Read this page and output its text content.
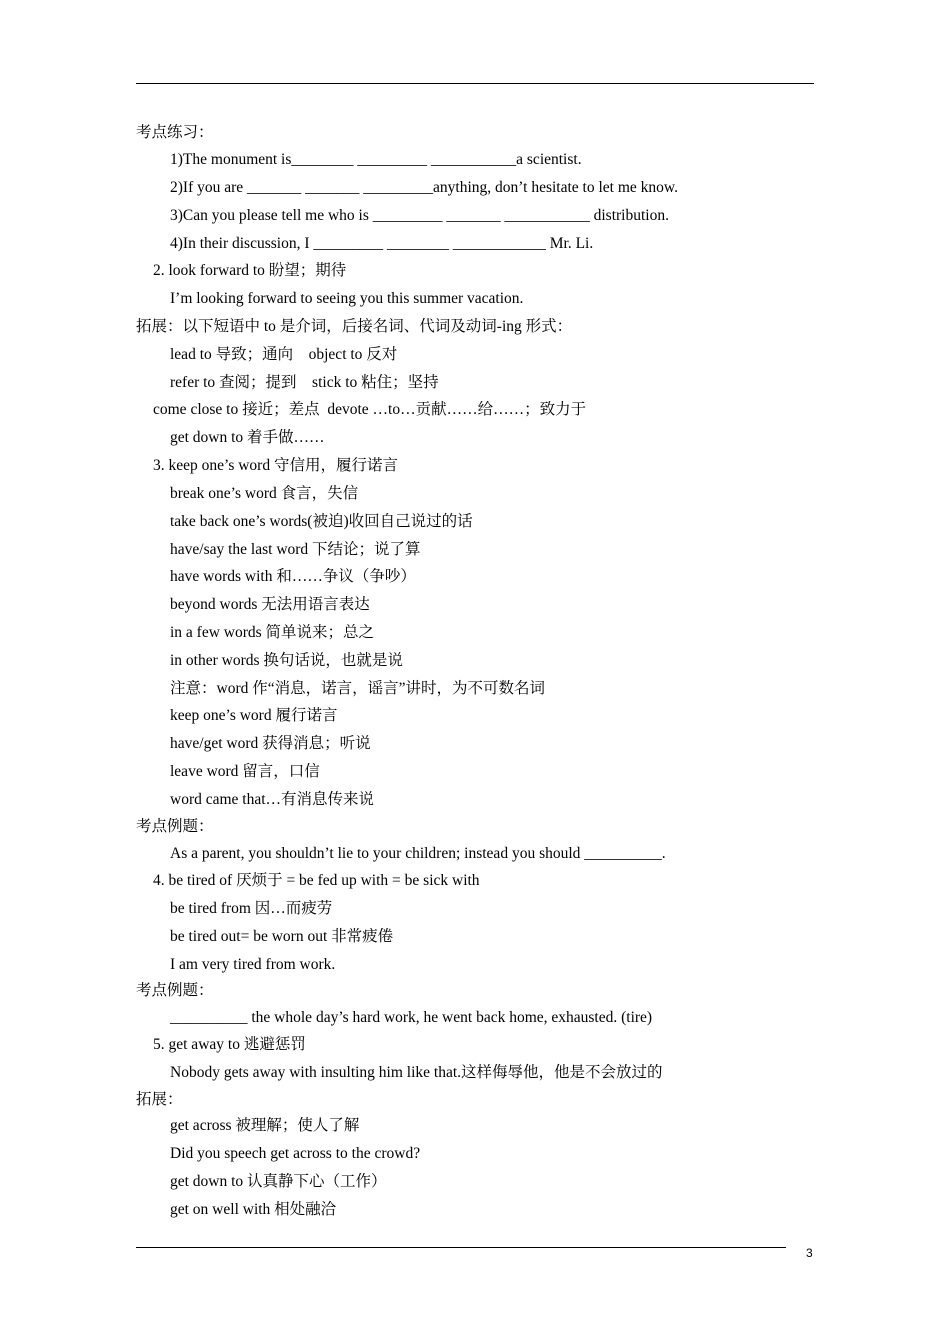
考点练习：
1)The monument is________ _________ ___________a scientist.
2)If you are _______ _______ _________anything, don’t hesitate to let me know.
3)Can you please tell me who is _________ _______ ___________ distribution.
4)In their discussion, I _________ ________ ____________ Mr. Li.
2. look forward to 盼望；期待
I’m looking forward to seeing you this summer vacation.
拓展：以下短语中 to 是介词，后接名词、代词及动词-ing 形式：
lead to 导致；通向    object to 反对
refer to 查阅；提到    stick to 粘住；坚持
come close to 接近；差点  devote …to…贡献……给……；致力于
get down to 着手做……
3. keep one’s word 守信用，履行诺言
break one’s word 食言，失信
take back one’s words(被迫)收回自己说过的话
have/say the last word 下结论；说了算
have words with 和……争议（争吵）
beyond words 无法用语言表达
in a few words 简单说来；总之
in other words 换句话说，也就是说
注意：word 作“消息，诺言，谣言”讲时，为不可数名词
keep one’s word 履行诺言
have/get word 获得消息；听说
leave word 留言，口信
word came that…有消息传来说
考点例题：
As a parent, you shouldn’t lie to your children; instead you should __________.
4. be tired of 厌烦于 = be fed up with = be sick with
be tired from 因…而疲劳
be tired out= be worn out 非常疲倦
I am very tired from work.
考点例题：
__________ the whole day’s hard work, he went back home, exhausted. (tire)
5. get away to 逃避惩罚
Nobody gets away with insulting him like that.这样侮辱他，他是不会放过的
拓展：
get across 被理解；使人了解
Did you speech get across to the crowd?
get down to 认真静下心（工作）
get on well with 相处融洽
3
